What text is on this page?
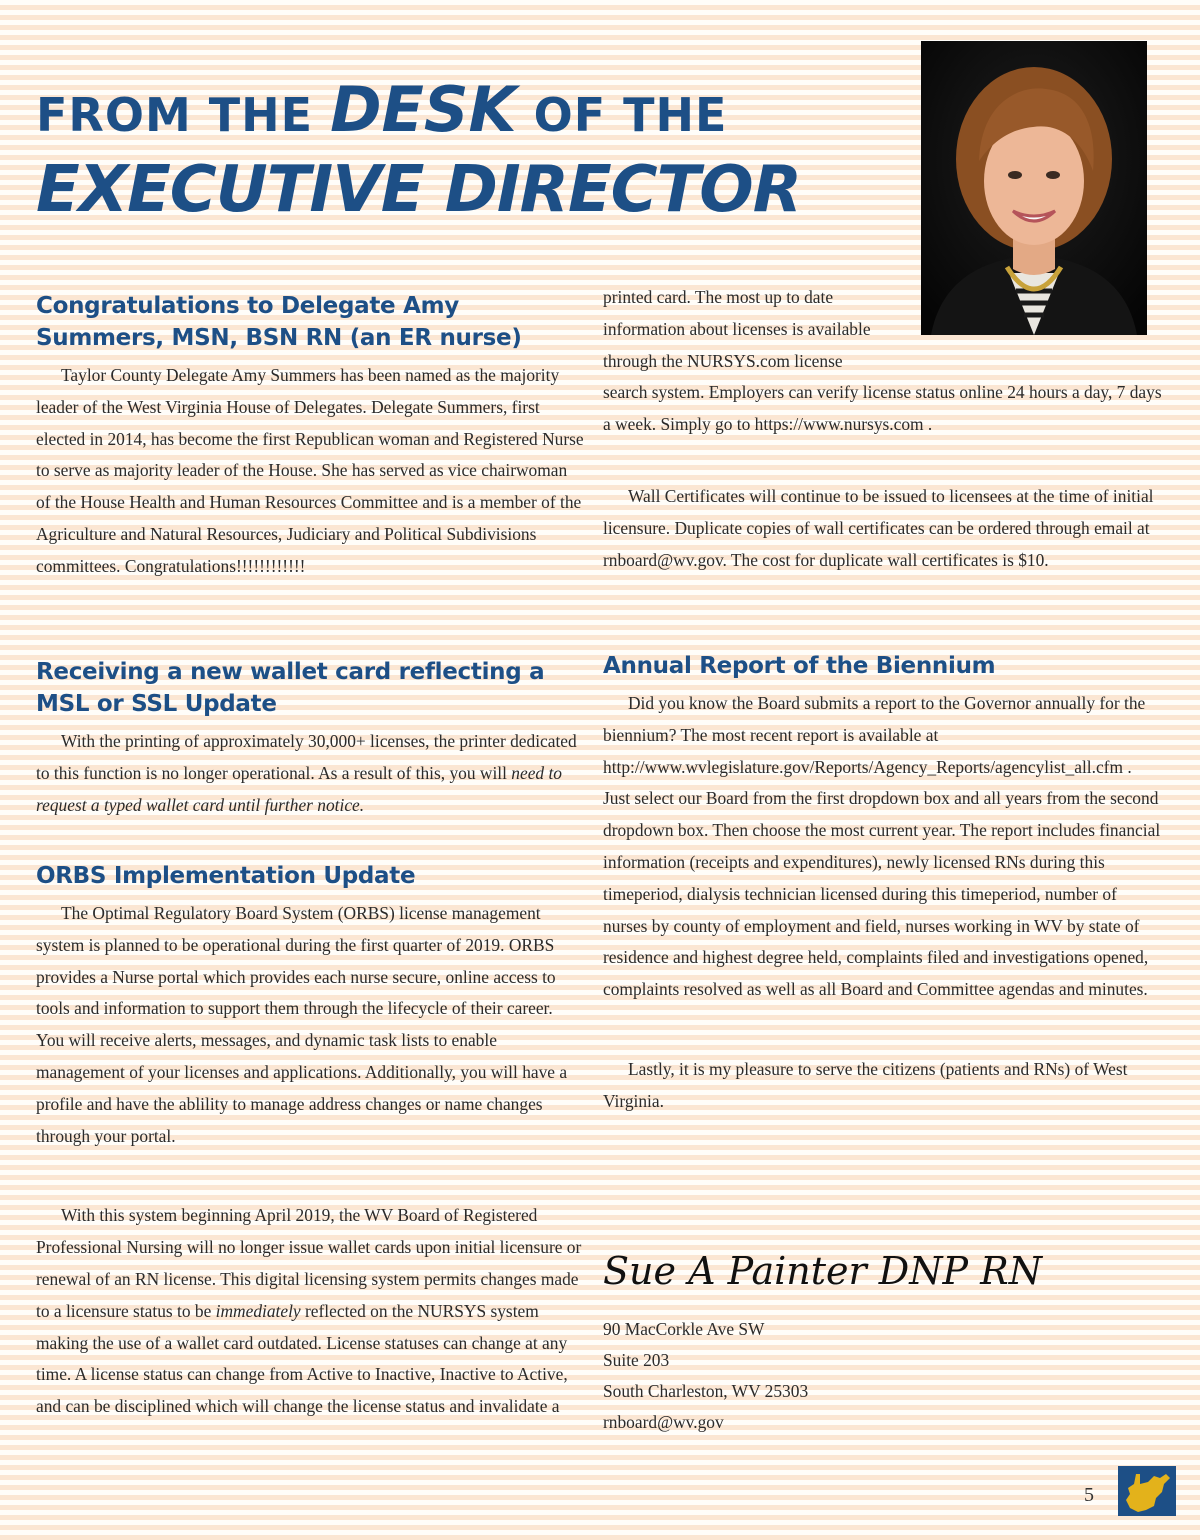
FROM THE DESK OF THE
EXECUTIVE DIRECTOR
Congratulations to Delegate Amy Summers, MSN, BSN RN (an ER nurse)

Taylor County Delegate Amy Summers has been named as the majority leader of the West Virginia House of Delegates. Delegate Summers, first elected in 2014, has become the first Republican woman and Registered Nurse to serve as majority leader of the House. She has served as vice chairwoman of the House Health and Human Resources Committee and is a member of the Agriculture and Natural Resources, Judiciary and Political Subdivisions committees. Congratulations!!!!!!!!!!!!

Receiving a new wallet card reflecting a MSL or SSL Update

With the printing of approximately 30,000+ licenses, the printer dedicated to this function is no longer operational. As a result of this, you will need to request a typed wallet card until further notice.

ORBS Implementation Update

The Optimal Regulatory Board System (ORBS) license management system is planned to be operational during the first quarter of 2019. ORBS provides a Nurse portal which provides each nurse secure, online access to tools and information to support them through the lifecycle of their career. You will receive alerts, messages, and dynamic task lists to enable management of your licenses and applications. Additionally, you will have a profile and have the ablility to manage address changes or name changes through your portal.

With this system beginning April 2019, the WV Board of Registered Professional Nursing will no longer issue wallet cards upon initial licensure or renewal of an RN license. This digital licensing system permits changes made to a licensure status to be immediately reflected on the NURSYS system making the use of a wallet card outdated. License statuses can change at any time. A license status can change from Active to Inactive, Inactive to Active, and can be disciplined which will change the license status and invalidate a

printed card. The most up to date

information about licenses is available

through the NURSYS.com license

search system. Employers can verify license status online 24 hours a day, 7 days a week. Simply go to https://www.nursys.com .

Wall Certificates will continue to be issued to licensees at the time of initial licensure. Duplicate copies of wall certificates can be ordered through email at rnboard@wv.gov. The cost for duplicate wall certificates is $10.

Annual Report of the Biennium

Did you know the Board submits a report to the Governor annually for the biennium? The most recent report is available at http://www.wvlegislature.gov/Reports/Agency_Reports/agencylist_all.cfm . Just select our Board from the first dropdown box and all years from the second dropdown box. Then choose the most current year. The report includes financial information (receipts and expenditures), newly licensed RNs during this timeperiod, dialysis technician licensed during this timeperiod, number of nurses by county of employment and field, nurses working in WV by state of residence and highest degree held, complaints filed and investigations opened, complaints resolved as well as all Board and Committee agendas and minutes.

Lastly, it is my pleasure to serve the citizens (patients and RNs) of West Virginia.

Sue A Painter DNP RN

90 MacCorkle Ave SW

Suite 203

South Charleston, WV 25303

rnboard@wv.gov

5
